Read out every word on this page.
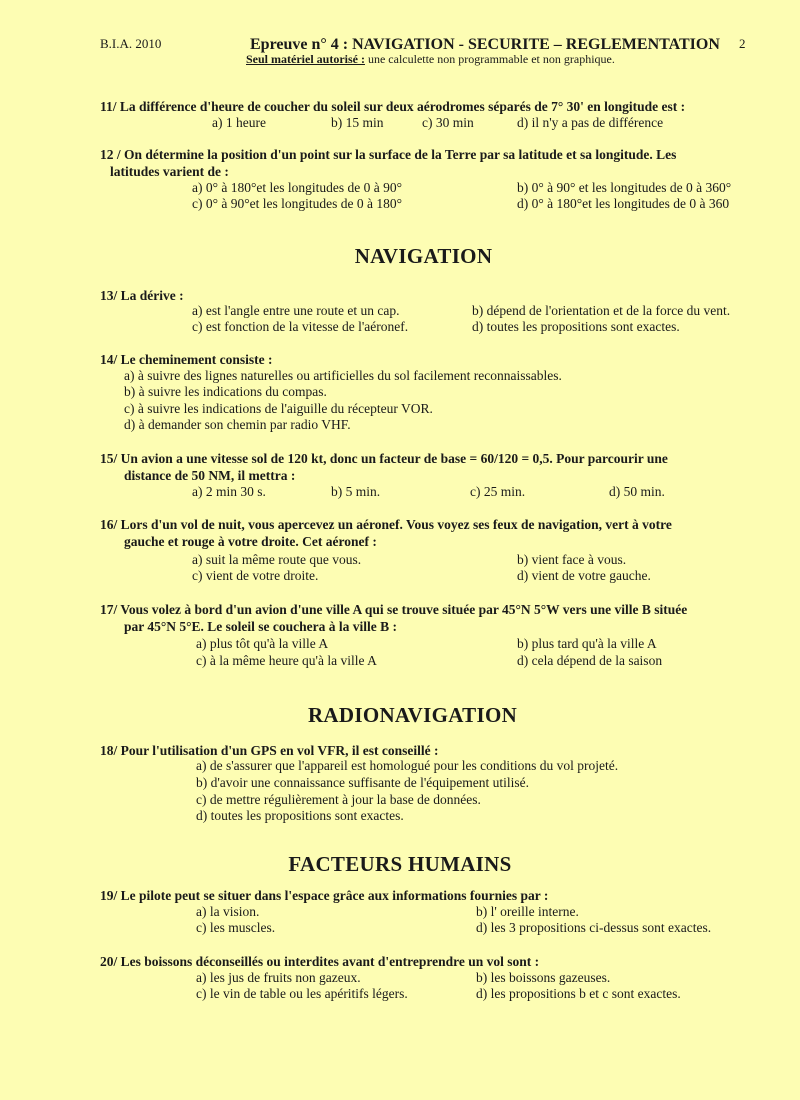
B.I.A. 2010	Epreuve n° 4 : NAVIGATION - SECURITE – REGLEMENTATION 2
Seul matériel autorisé : une calculette non programmable et non graphique.
11/ La différence d'heure de coucher du soleil sur deux aérodromes séparés de 7° 30' en longitude est :
a) 1 heure	b) 15 min	c) 30 min	d) il n'y a pas de différence
12 / On détermine la position d'un point sur la surface de la Terre par sa latitude et sa longitude. Les
latitudes varient de :
a) 0° à 180°et les longitudes de 0 à 90°	b) 0° à 90° et les longitudes de 0 à 360°
c) 0° à 90°et les longitudes de 0 à 180°	d) 0° à 180°et les longitudes de 0 à 360
NAVIGATION
13/ La dérive :
a) est l'angle entre une route et un cap.	b) dépend de l'orientation et de la force du vent.
c) est fonction de la vitesse de l'aéronef.	d) toutes les propositions sont exactes.
14/ Le cheminement consiste :
a) à suivre des lignes naturelles ou artificielles du sol facilement reconnaissables.
b) à suivre les indications du compas.
c) à suivre les indications de l'aiguille du récepteur VOR.
d) à demander son chemin par radio VHF.
15/ Un avion a une vitesse sol de 120 kt, donc un facteur de base = 60/120 = 0,5. Pour parcourir une
distance de 50 NM, il mettra :
a) 2 min 30 s.	b) 5 min.	c) 25 min.	d) 50 min.
16/ Lors d'un vol de nuit, vous apercevez un aéronef. Vous voyez ses feux de navigation, vert à votre
gauche et rouge à votre droite. Cet aéronef :
a) suit la même route que vous.	b) vient face à vous.
c) vient de votre droite.	d) vient de votre gauche.
17/ Vous volez à bord d'un avion d'une ville A qui se trouve située par 45°N 5°W vers une ville B située
par 45°N 5°E. Le soleil se couchera à la ville B :
a) plus tôt qu'à la ville A	b) plus tard qu'à la ville A
c) à la même heure qu'à la ville A	d) cela dépend de la saison
RADIONAVIGATION
18/ Pour l'utilisation d'un GPS en vol VFR, il est conseillé :
a) de s'assurer que l'appareil est homologué pour les conditions du vol projeté.
b) d'avoir une connaissance suffisante de l'équipement utilisé.
c) de mettre régulièrement à jour la base de données.
d) toutes les propositions sont exactes.
FACTEURS HUMAINS
19/ Le pilote peut se situer dans l'espace grâce aux informations fournies par :
a) la vision.	b) l' oreille interne.
c) les muscles.	d) les 3 propositions ci-dessus sont exactes.
20/ Les boissons déconseillés ou interdites avant d'entreprendre un vol sont :
a) les jus de fruits non gazeux.	b) les boissons gazeuses.
c) le vin de table ou les apéritifs légers.	d) les propositions b et c sont exactes.
